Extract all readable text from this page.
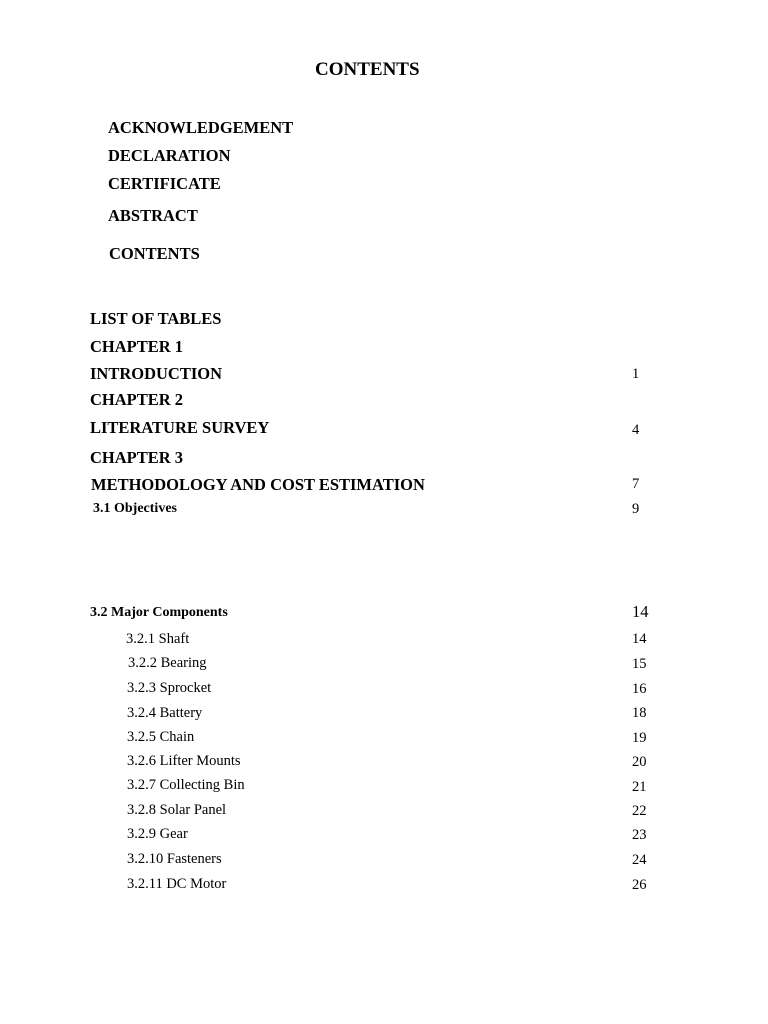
CONTENTS
ACKNOWLEDGEMENT
DECLARATION
CERTIFICATE
ABSTRACT
CONTENTS
LIST OF TABLES
CHAPTER 1
INTRODUCTION	1
CHAPTER 2
LITERATURE SURVEY	4
CHAPTER 3
METHODOLOGY AND COST ESTIMATION	7
3.1 Objectives	9
3.2 Major Components	14
3.2.1 Shaft	14
3.2.2 Bearing	15
3.2.3 Sprocket	16
3.2.4 Battery	18
3.2.5 Chain	19
3.2.6 Lifter Mounts	20
3.2.7 Collecting Bin	21
3.2.8 Solar Panel	22
3.2.9 Gear	23
3.2.10 Fasteners	24
3.2.11 DC Motor	26
